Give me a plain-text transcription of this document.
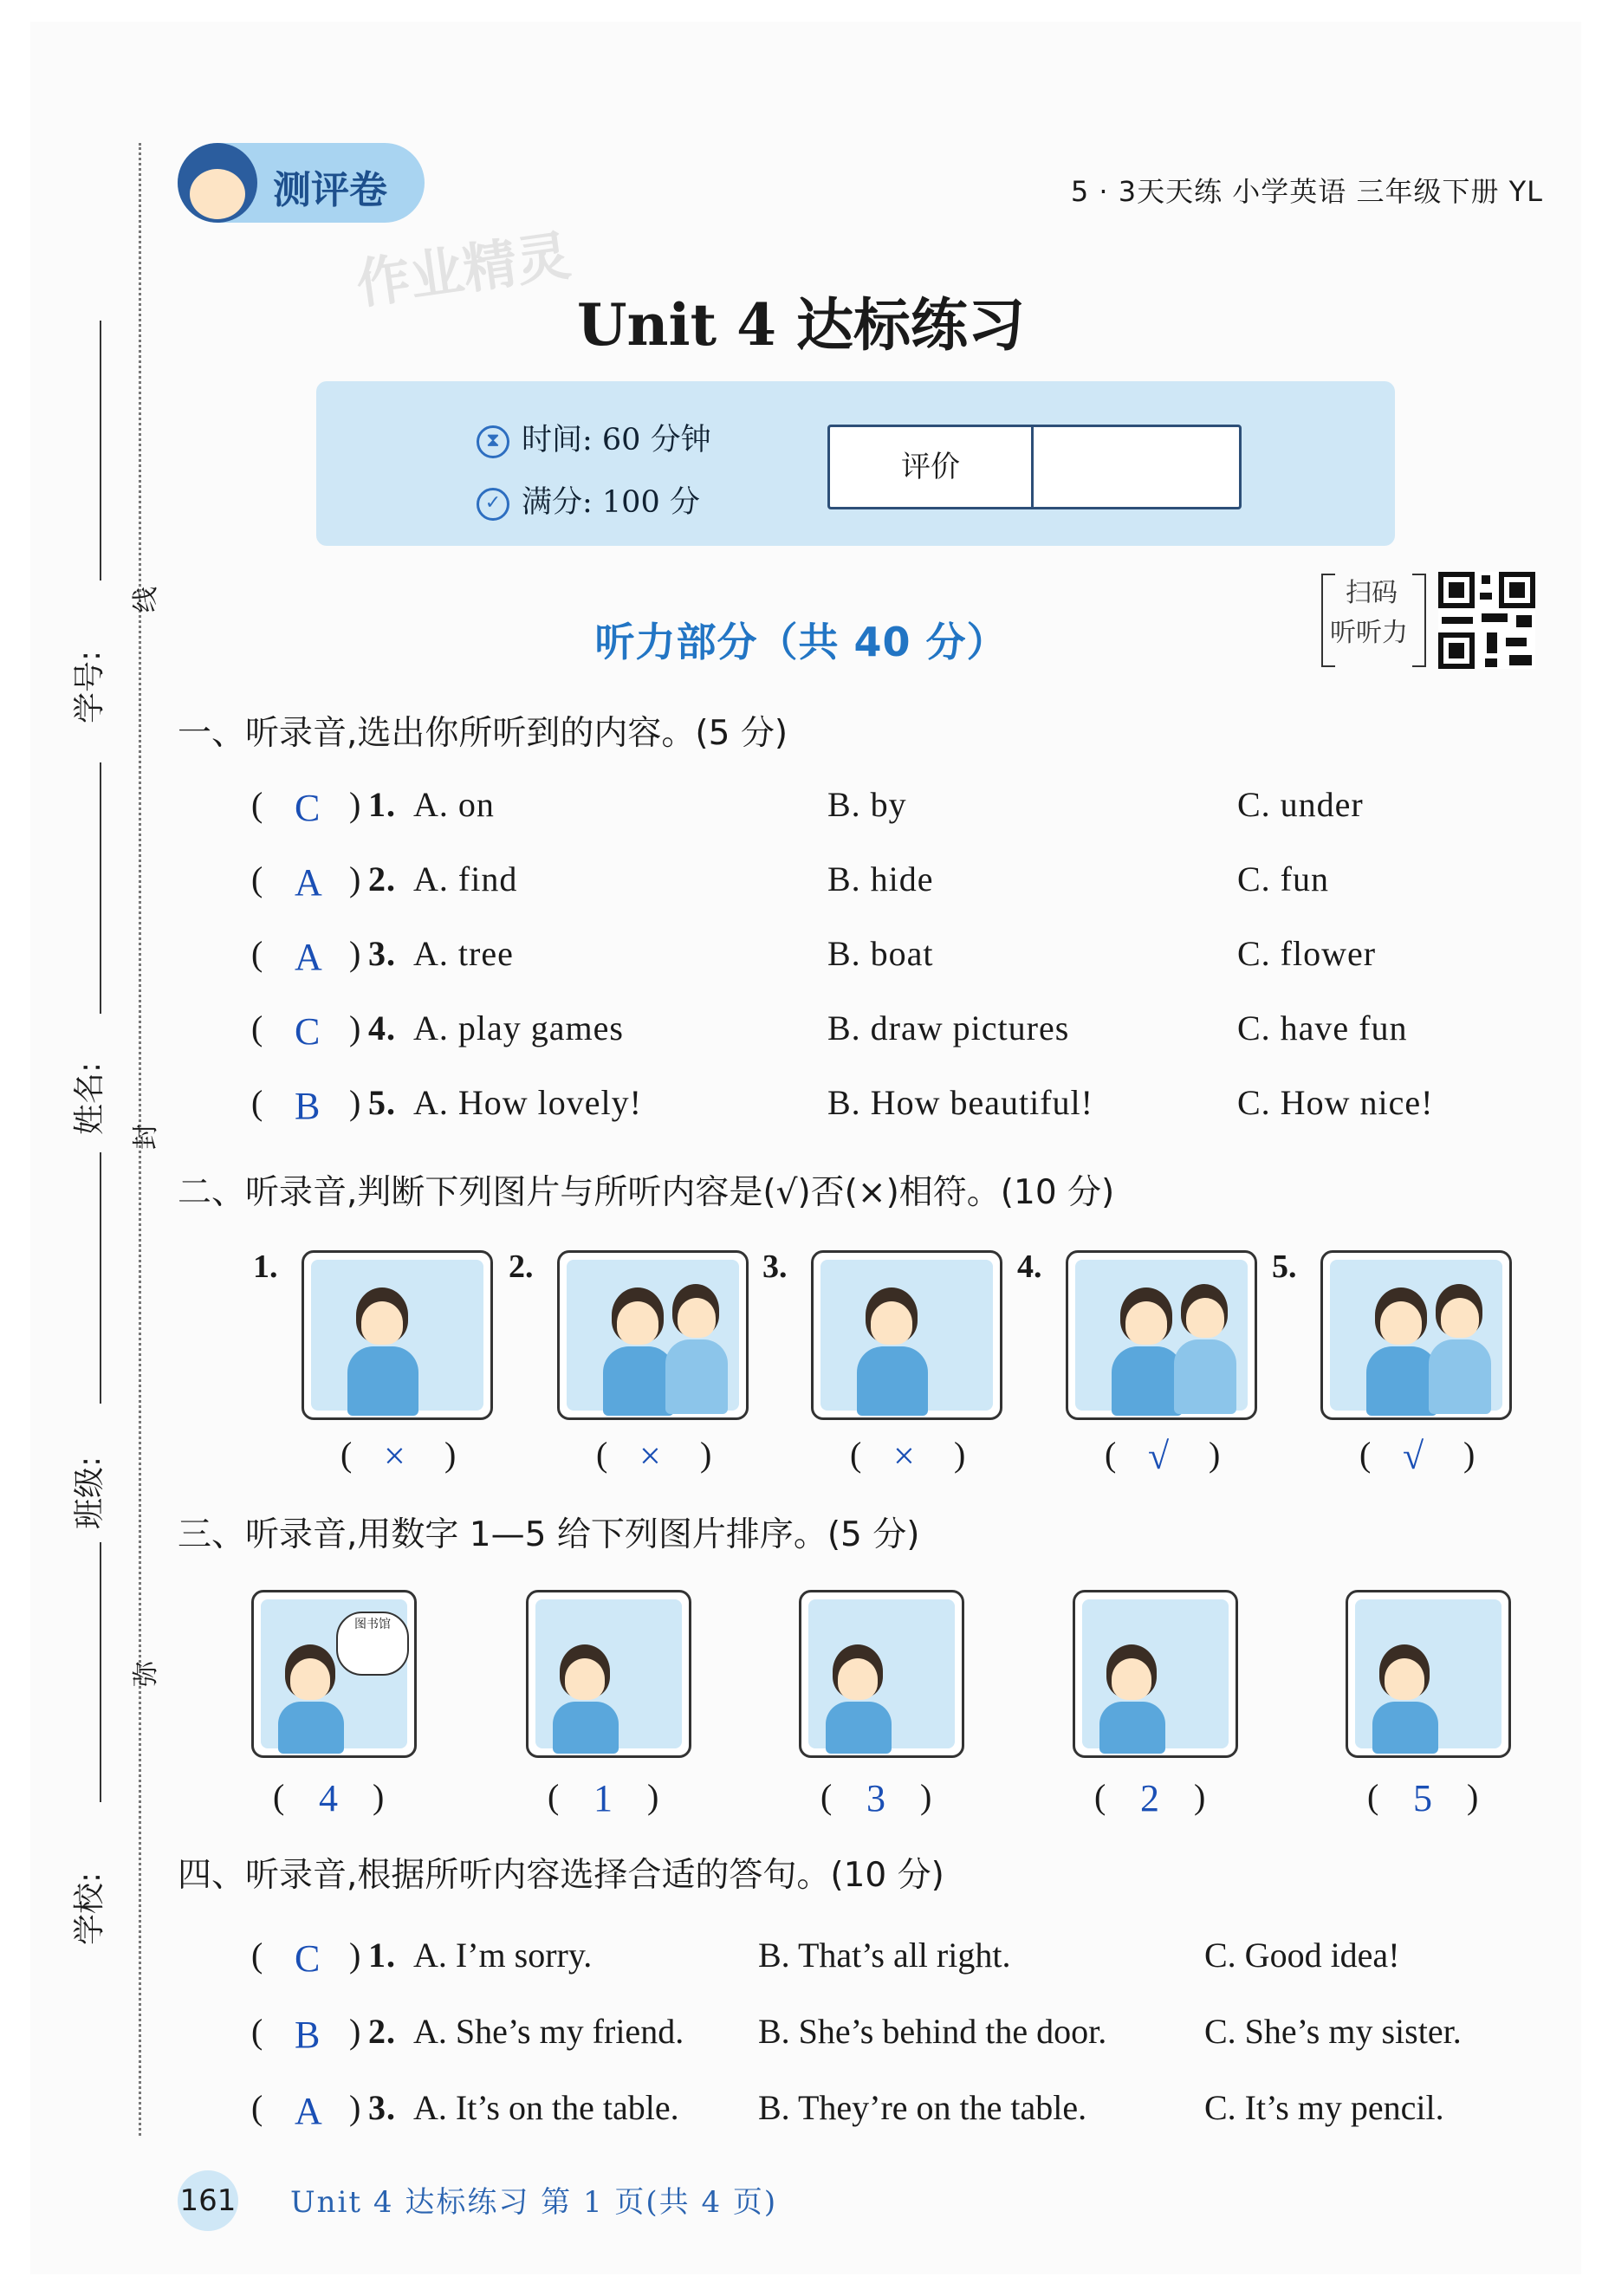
学号:
姓名:
班级:
学校:
线
封
弥
测评卷	5 · 3天天练 小学英语 三年级下册 YL
作业精灵
Unit 4 达标练习
⧗ 时间: 60 分钟
✓ 满分: 100 分
评价
扫码
听听力
听力部分（共 40 分）
一、听录音,选出你所听到的内容。(5 分)
( C ) 1. A. on	B. by	C. under
( A ) 2. A. find	B. hide	C. fun
( A ) 3. A. tree	B. boat	C. flower
( C ) 4. A. play games	B. draw pictures	C. have fun
( B ) 5. A. How lovely!	B. How beautiful!	C. How nice!
二、听录音,判断下列图片与所听内容是(√)否(×)相符。(10 分)
1.
( × )
2.
( × )
3.
( × )
4.
( √ )
5.
( √ )
三、听录音,用数字 1—5 给下列图片排序。(5 分)
图书馆
( 4 )	( 1 )	( 3 )	( 2 )	( 5 )
四、听录音,根据所听内容选择合适的答句。(10 分)
( C ) 1. A. I’m sorry.	B. That’s all right.	C. Good idea!
( B ) 2. A. She’s my friend. B. She’s behind the door.	C. She’s my sister.
( A ) 3. A. It’s on the table. B. They’re on the table.	C. It’s my pencil.
161 Unit 4 达标练习 第 1 页(共 4 页)
